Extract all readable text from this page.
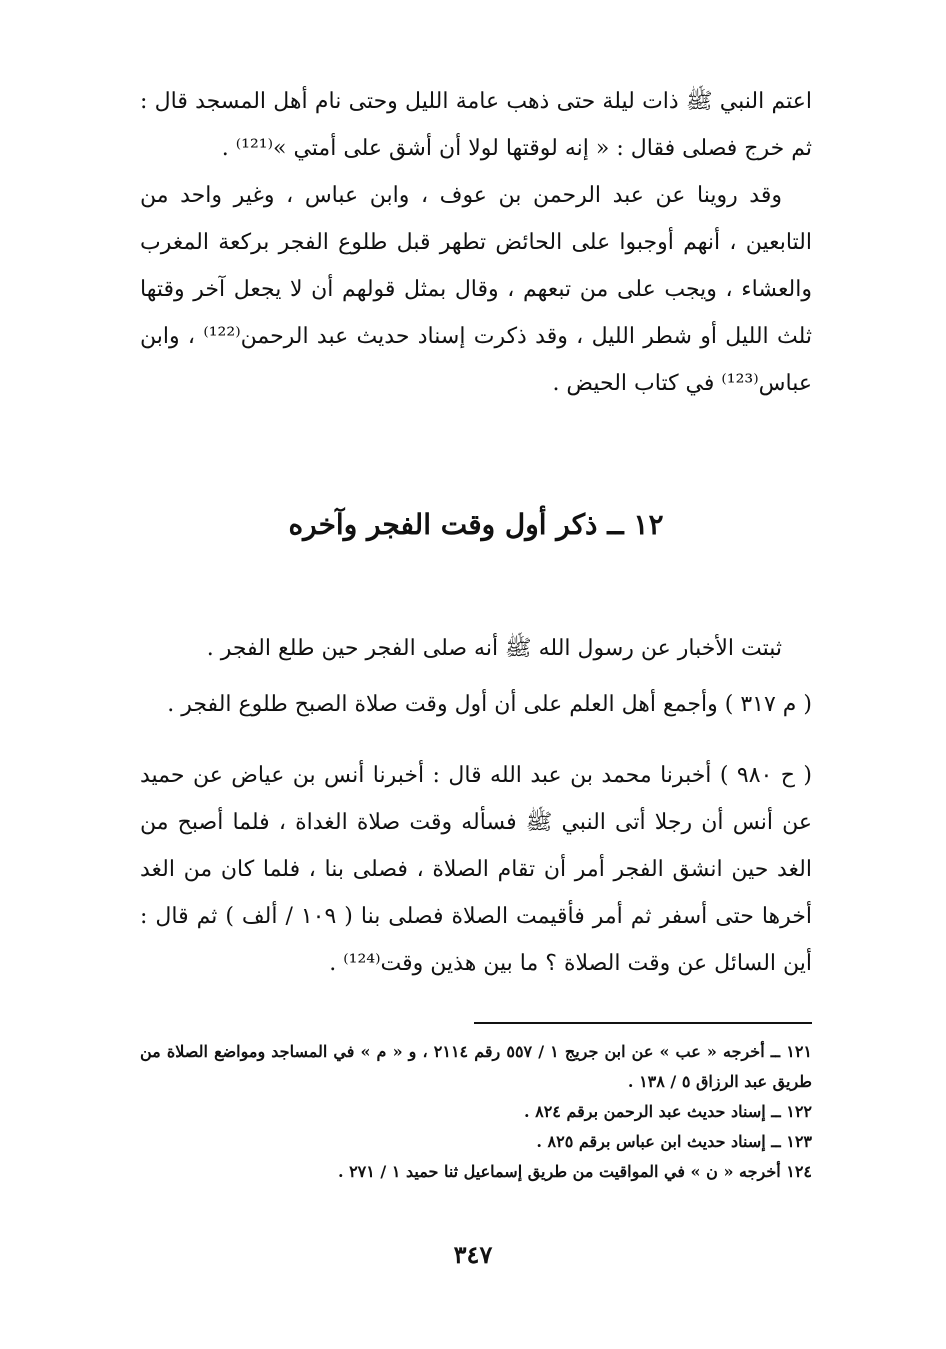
اعتم النبي ﷺ ذات ليلة حتى ذهب عامة الليل وحتى نام أهل المسجد قال : ثم خرج فصلى فقال : « إنه لوقتها لولا أن أشق على أمتي »⁽¹²¹⁾ .

وقد روينا عن عبد الرحمن بن عوف ، وابن عباس ، وغير واحد من التابعين ، أنهم أوجبوا على الحائض تطهر قبل طلوع الفجر بركعة المغرب والعشاء ، ويجب على من تبعهم ، وقال بمثل قولهم أن لا يجعل آخر وقتها ثلث الليل أو شطر الليل ، وقد ذكرت إسناد حديث عبد الرحمن⁽¹²²⁾ ، وابن عباس⁽¹²³⁾ في كتاب الحيض .

١٢ ــ ذكر أول وقت الفجر وآخره

ثبتت الأخبار عن رسول الله ﷺ أنه صلى الفجر حين طلع الفجر .

( م ٣١٧ ) وأجمع أهل العلم على أن أول وقت صلاة الصبح طلوع الفجر .

( ح ٩٨٠ ) أخبرنا محمد بن عبد الله قال : أخبرنا أنس بن عياض عن حميد عن أنس أن رجلا أتى النبي ﷺ فسأله وقت صلاة الغداة ، فلما أصبح من الغد حين انشق الفجر أمر أن تقام الصلاة ، فصلى بنا ، فلما كان من الغد أخرها حتى أسفر ثم أمر فأقيمت الصلاة فصلى بنا ( ١٠٩ / ألف ) ثم قال : أين السائل عن وقت الصلاة ؟ ما بين هذين وقت⁽¹²⁴⁾ .

١٢١ ــ أخرجه « عب » عن ابن جريج ١ / ٥٥٧ رقم ٢١١٤ ، و « م » في المساجد ومواضع الصلاة من طريق عبد الرزاق ٥ / ١٣٨ .

١٢٢ ــ إسناد حديث عبد الرحمن برقم ٨٢٤ .

١٢٣ ــ إسناد حديث ابن عباس برقم ٨٢٥ .

١٢٤ أخرجه « ن » في المواقيت من طريق إسماعيل ثنا حميد ١ / ٢٧١ .

٣٤٧
